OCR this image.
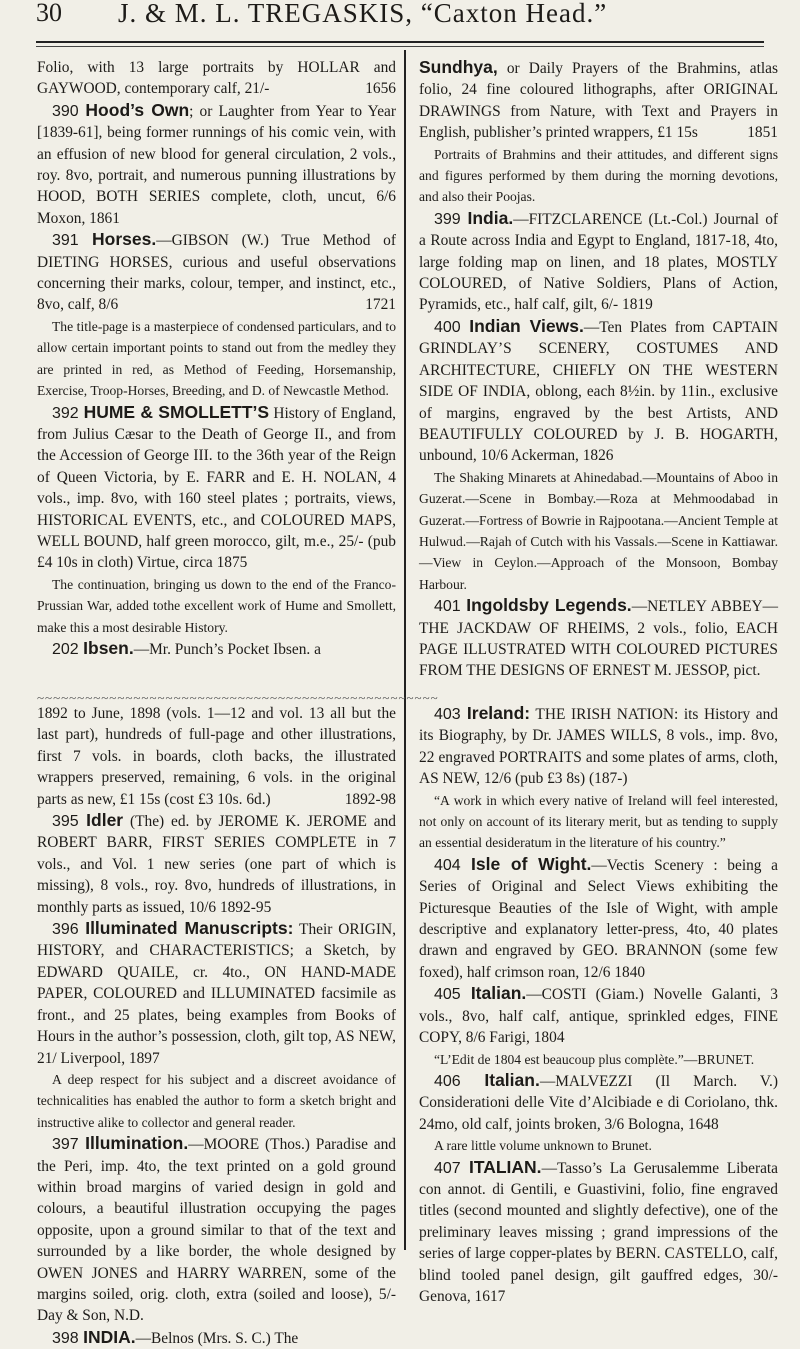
30 J. & M. L. TREGASKIS, “Caxton Head.”

Folio, with 13 large portraits by HOLLAR and GAYWOOD, contemporary calf, 21/-	1656

390 Hood’s Own; or Laughter from Year to Year [1839-61], being former runnings of his comic vein, with an effusion of new blood for general circulation, 2 vols., roy. 8vo, portrait, and numerous punning illustrations by HOOD, BOTH SERIES complete, cloth, uncut, 6/6 Moxon, 1861

391 Horses.—GIBSON (W.) True Method of DIETING HORSES, curious and useful observations concerning their marks, colour, temper, and instinct, etc., 8vo, calf, 8/6	1721

The title-page is a masterpiece of condensed particulars, and to allow certain important points to stand out from the medley they are printed in red, as Method of Feeding, Horsemanship, Exercise, Troop-Horses, Breeding, and D. of Newcastle Method.

392 HUME & SMOLLETT’S History of England, from Julius Cæsar to the Death of George II., and from the Accession of George III. to the 36th year of the Reign of Queen Victoria, by E. FARR and E. H. NOLAN, 4 vols., imp. 8vo, with 160 steel plates ; portraits, views, HISTORICAL EVENTS, etc., and COLOURED MAPS, WELL BOUND, half green morocco, gilt, m.e., 25/- (pub £4 10s in cloth) Virtue, circa 1875

The continuation, bringing us down to the end of the Franco-Prussian War, added tothe excellent work of Hume and Smollett, make this a most desirable History.

202 Ibsen.—Mr. Punch’s Pocket Ibsen. a

~~~~~~~~~~~~~~~~~~~~~~~~~~~~~~~~~~~~~~~~~~~~~~~~~~

1892 to June, 1898 (vols. 1—12 and vol. 13 all but the last part), hundreds of full-page and other illustrations, first 7 vols. in boards, cloth backs, the illustrated wrappers preserved, remaining, 6 vols. in the original parts as new, £1 15s (cost £3 10s. 6d.)	1892-98

395 Idler (The) ed. by JEROME K. JEROME and ROBERT BARR, FIRST SERIES COMPLETE in 7 vols., and Vol. 1 new series (one part of which is missing), 8 vols., roy. 8vo, hundreds of illustrations, in monthly parts as issued, 10/6 1892-95

396 Illuminated Manuscripts: Their ORIGIN, HISTORY, and CHARACTERISTICS; a Sketch, by EDWARD QUAILE, cr. 4to., ON HAND-MADE PAPER, COLOURED and ILLUMINATED facsimile as front., and 25 plates, being examples from Books of Hours in the author’s possession, cloth, gilt top, AS NEW, 21/ Liverpool, 1897

A deep respect for his subject and a discreet avoidance of technicalities has enabled the author to form a sketch bright and instructive alike to collector and general reader.

397 Illumination.—MOORE (Thos.) Paradise and the Peri, imp. 4to, the text printed on a gold ground within broad margins of varied design in gold and colours, a beautiful illustration occupying the pages opposite, upon a ground similar to that of the text and surrounded by a like border, the whole designed by OWEN JONES and HARRY WARREN, some of the margins soiled, orig. cloth, extra (soiled and loose), 5/- Day & Son, N.D.

398 INDIA.—Belnos (Mrs. S. C.) The

Sundhya, or Daily Prayers of the Brahmins, atlas folio, 24 fine coloured lithographs, after ORIGINAL DRAWINGS from Nature, with Text and Prayers in English, publisher’s printed wrappers, £1 15s	1851

Portraits of Brahmins and their attitudes, and different signs and figures performed by them during the morning devotions, and also their Poojas.

399 India.—FITZCLARENCE (Lt.-Col.) Journal of a Route across India and Egypt to England, 1817-18, 4to, large folding map on linen, and 18 plates, MOSTLY COLOURED, of Native Soldiers, Plans of Action, Pyramids, etc., half calf, gilt, 6/- 1819

400 Indian Views.—Ten Plates from CAPTAIN GRINDLAY’S SCENERY, COSTUMES AND ARCHITECTURE, CHIEFLY ON THE WESTERN SIDE OF INDIA, oblong, each 8½in. by 11in., exclusive of margins, engraved by the best Artists, AND BEAUTIFULLY COLOURED by J. B. HOGARTH, unbound, 10/6 Ackerman, 1826

The Shaking Minarets at Ahinedabad.—Mountains of Aboo in Guzerat.—Scene in Bombay.—Roza at Mehmoodabad in Guzerat.—Fortress of Bowrie in Rajpootana.—Ancient Temple at Hulwud.—Rajah of Cutch with his Vassals.—Scene in Kattiawar.—View in Ceylon.—Approach of the Monsoon, Bombay Harbour.

401 Ingoldsby Legends.—NETLEY ABBEY—THE JACKDAW OF RHEIMS, 2 vols., folio, EACH PAGE ILLUSTRATED WITH COLOURED PICTURES FROM THE DESIGNS OF ERNEST M. JESSOP, pict.

403 Ireland: THE IRISH NATION: its History and its Biography, by Dr. JAMES WILLS, 8 vols., imp. 8vo, 22 engraved PORTRAITS and some plates of arms, cloth, AS NEW, 12/6 (pub £3 8s) (187-)

“A work in which every native of Ireland will feel interested, not only on account of its literary merit, but as tending to supply an essential desideratum in the literature of his country.”

404 Isle of Wight.—Vectis Scenery : being a Series of Original and Select Views exhibiting the Picturesque Beauties of the Isle of Wight, with ample descriptive and explanatory letter-press, 4to, 40 plates drawn and engraved by GEO. BRANNON (some few foxed), half crimson roan, 12/6 1840

405 Italian.—COSTI (Giam.) Novelle Galanti, 3 vols., 8vo, half calf, antique, sprinkled edges, FINE COPY, 8/6 Farigi, 1804

“L’Edit de 1804 est beaucoup plus complète.”—BRUNET.

406 Italian.—MALVEZZI (Il March. V.) Considerationi delle Vite d’Alcibiade e di Coriolano, thk. 24mo, old calf, joints broken, 3/6 Bologna, 1648

A rare little volume unknown to Brunet.

407 ITALIAN.—Tasso’s La Gerusalemme Liberata con annot. di Gentili, e Guastivini, folio, fine engraved titles (second mounted and slightly defective), one of the preliminary leaves missing ; grand impressions of the series of large copper-plates by BERN. CASTELLO, calf, blind tooled panel design, gilt gauffred edges, 30/- Genova, 1617
